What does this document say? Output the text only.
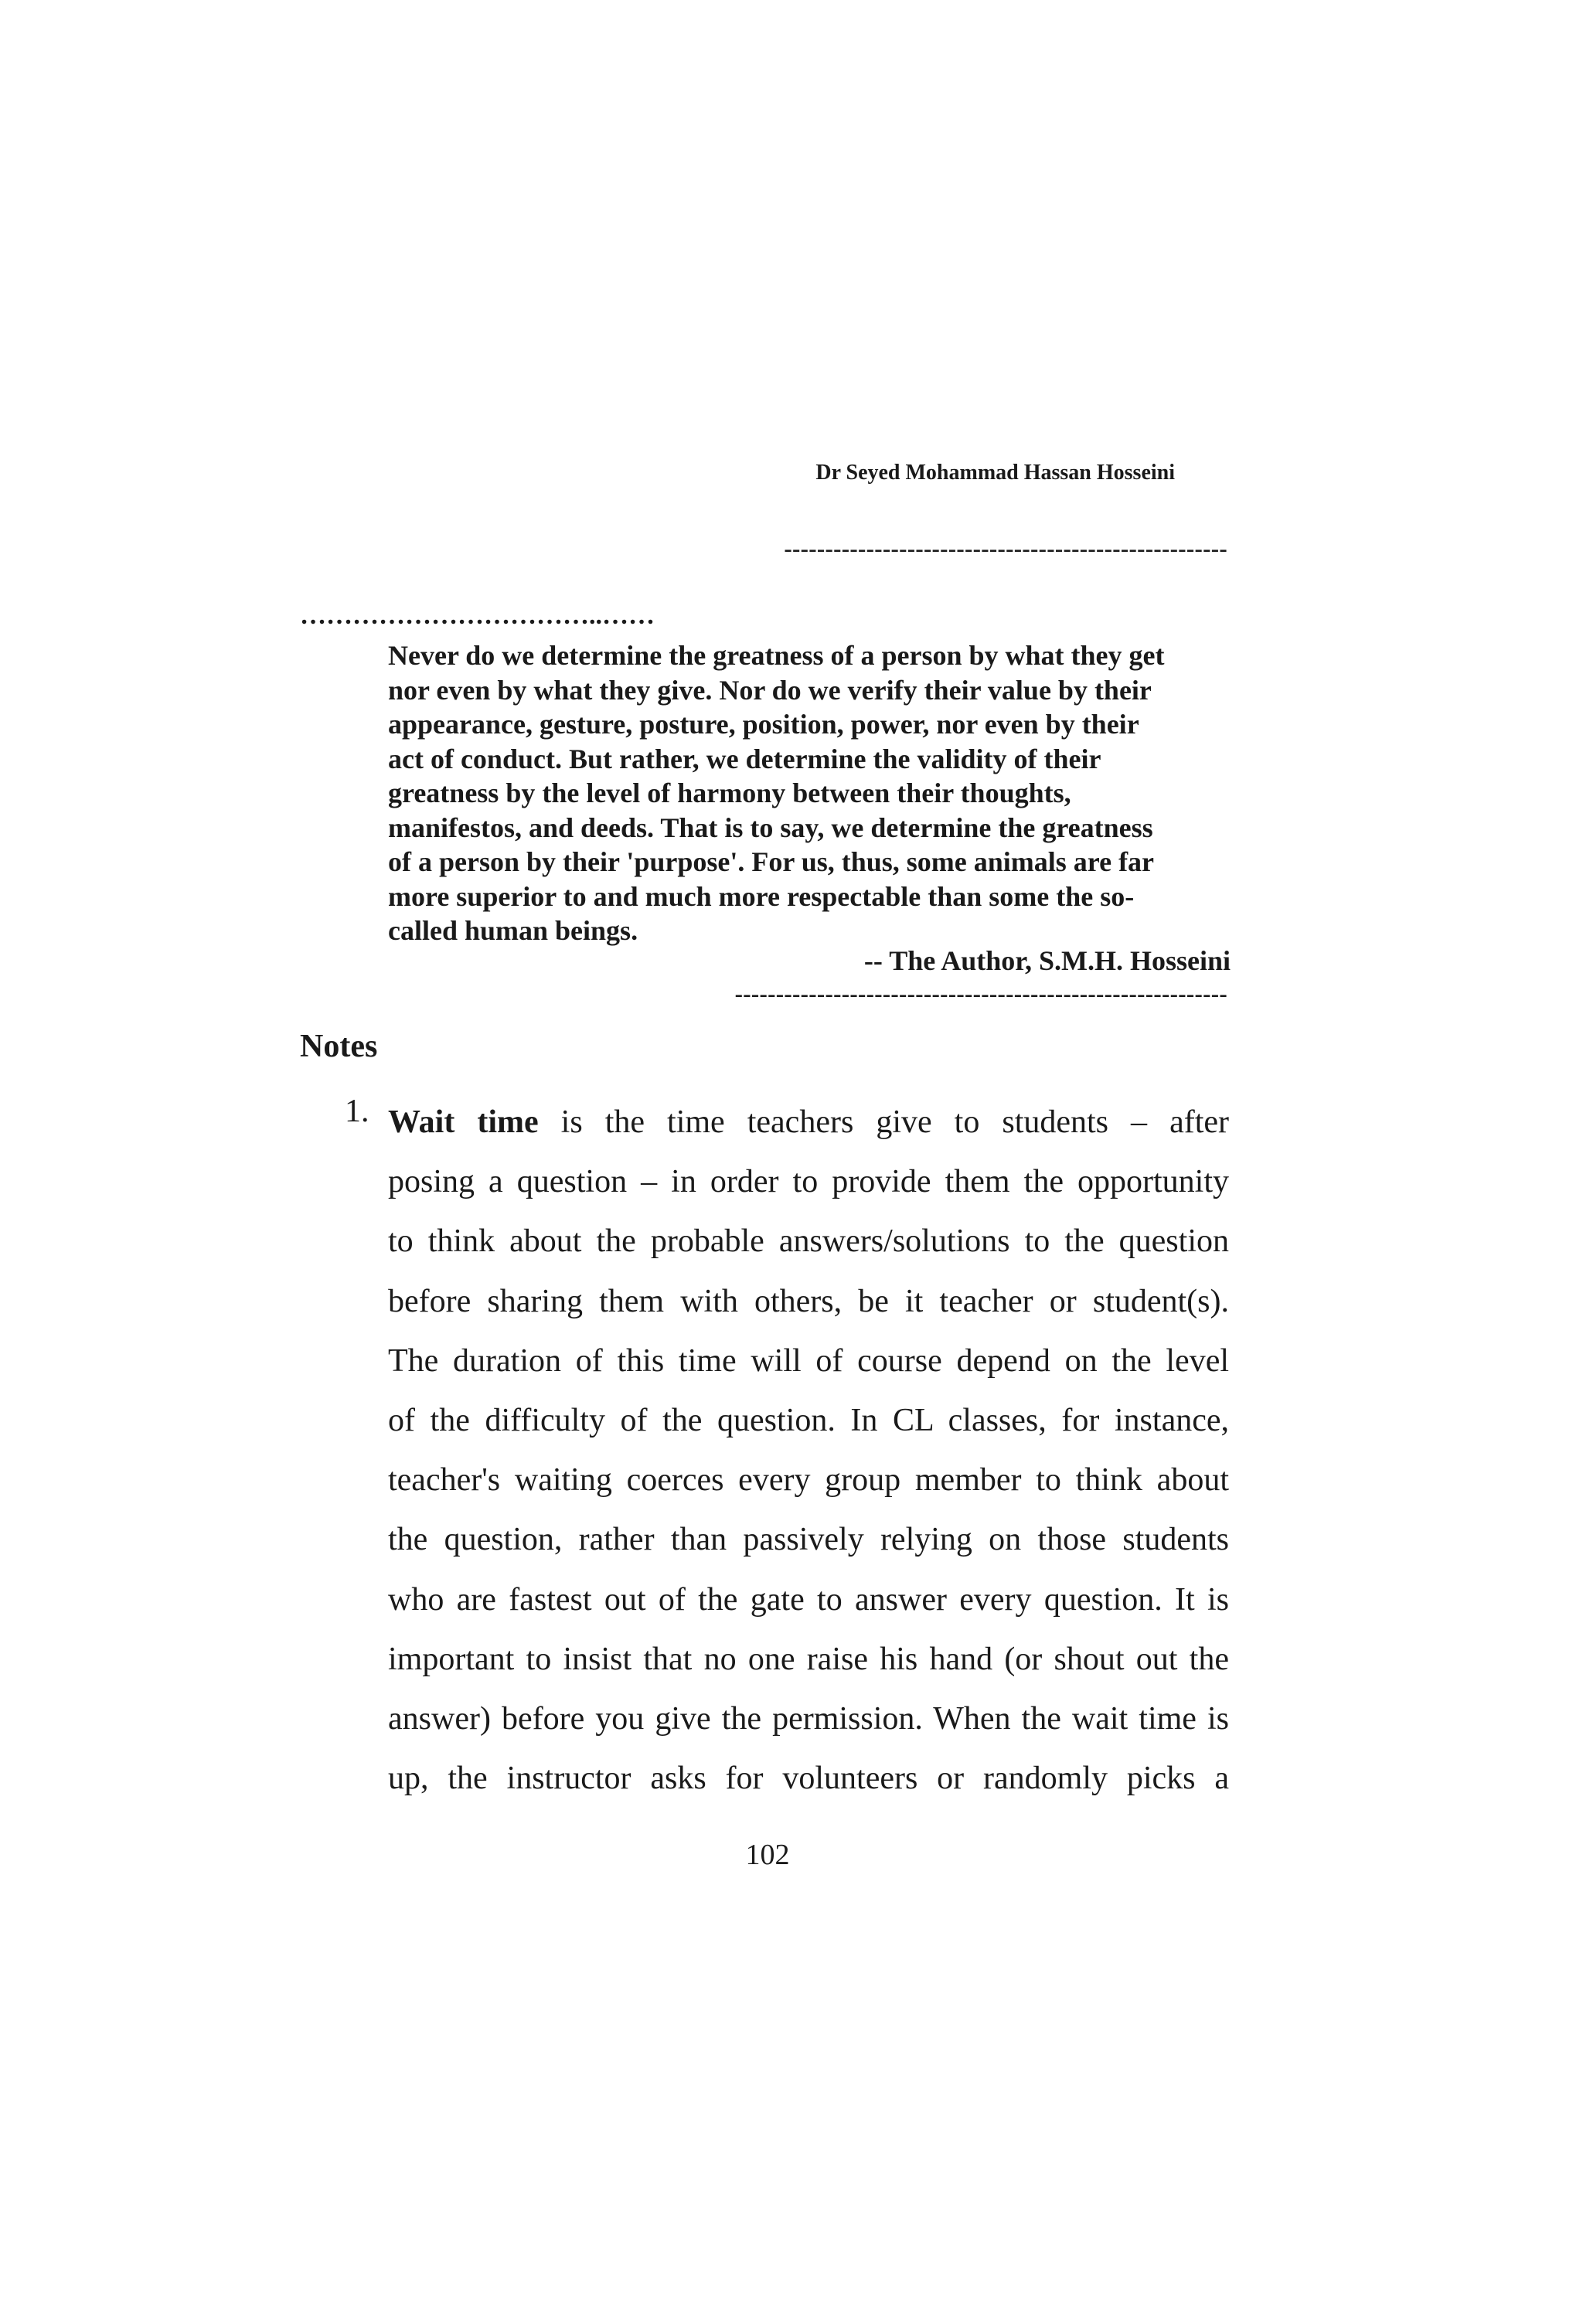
Dr Seyed Mohammad Hassan Hosseini
------------------------------------------------------
……………………………..……
Never do we determine the greatness of a person by what they get
nor even by what they give. Nor do we verify their value by their
appearance, gesture, posture, position, power, nor even by their
act of conduct. But rather, we determine the validity of their
greatness by the level of harmony between their thoughts,
manifestos, and deeds. That is to say, we determine the greatness
of a person by their 'purpose'. For us, thus, some animals are far
more superior to and much more respectable than some the so-
called human beings.
-- The Author, S.M.H. Hosseini
------------------------------------------------------------
Notes
1. Wait time is the time teachers give to students – after
posing a question – in order to provide them the opportunity
to think about the probable answers/solutions to the question
before sharing them with others, be it teacher or student(s).
The duration of this time will of course depend on the level
of the difficulty of the question. In CL classes, for instance,
teacher's waiting coerces every group member to think about
the question, rather than passively relying on those students
who are fastest out of the gate to answer every question. It is
important to insist that no one raise his hand (or shout out the
answer) before you give the permission. When the wait time is
up, the instructor asks for volunteers or randomly picks a
102
